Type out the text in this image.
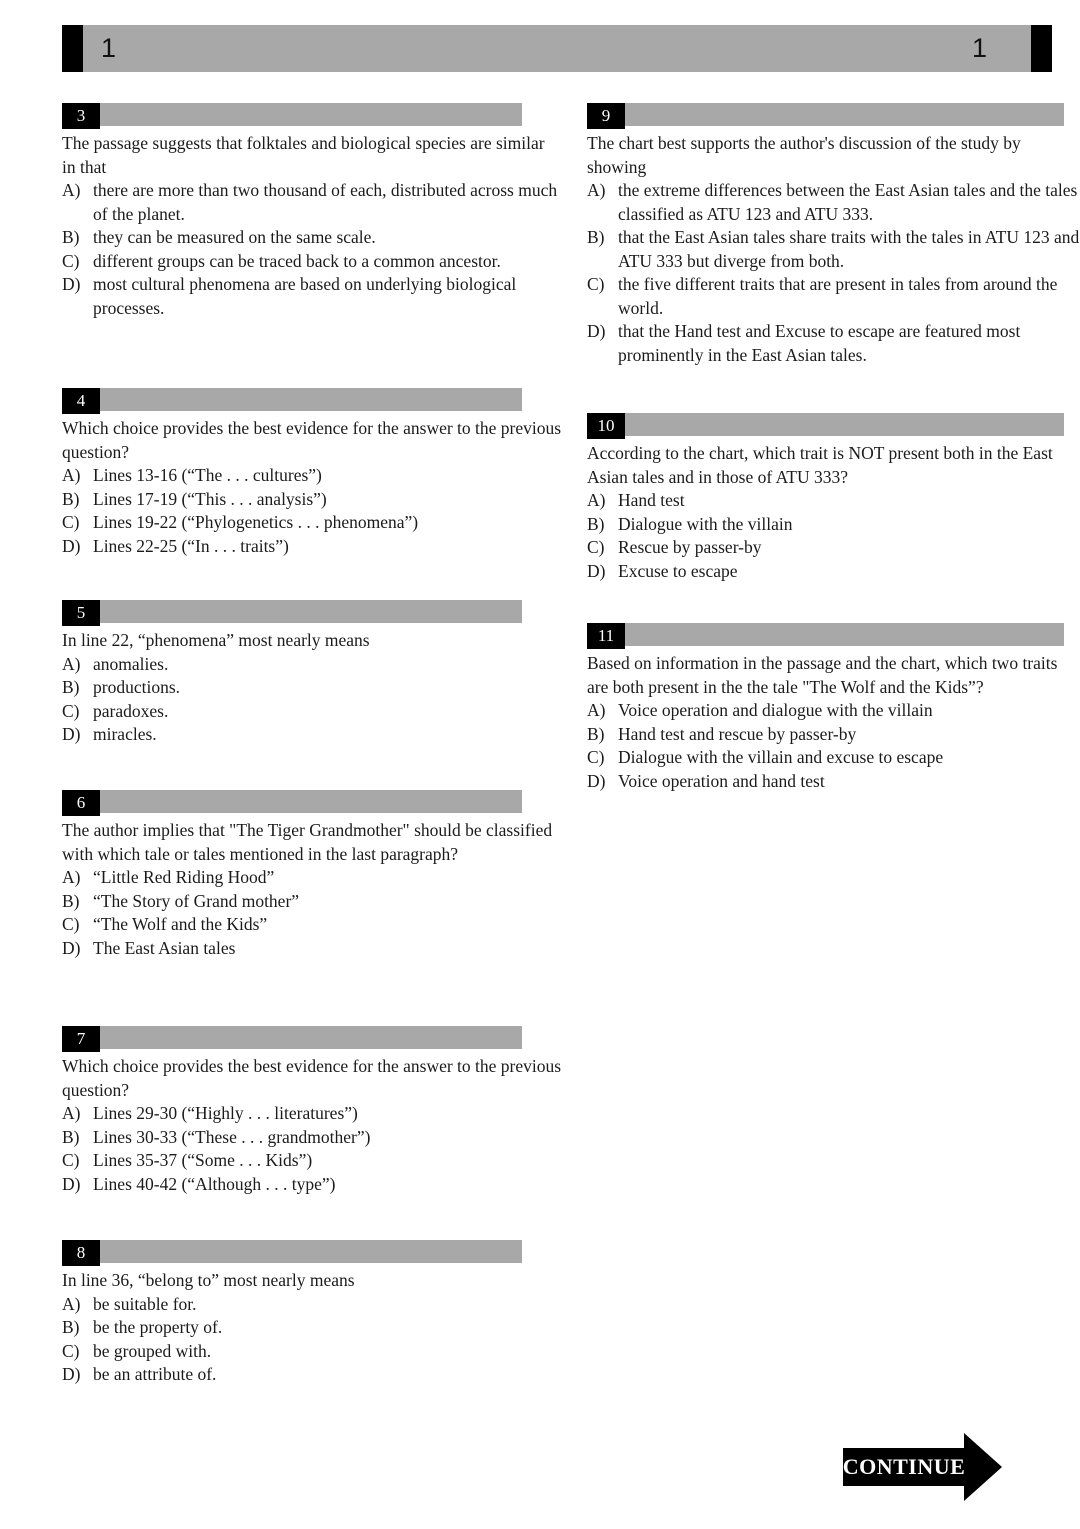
1	1
3
The passage suggests that folktales and biological species are similar in that
A) there are more than two thousand of each, distributed across much of the planet.
B) they can be measured on the same scale.
C) different groups can be traced back to a common ancestor.
D) most cultural phenomena are based on underlying biological processes.
4
Which choice provides the best evidence for the answer to the previous question?
A) Lines 13-16 (“The . . . cultures”)
B) Lines 17-19 (“This . . . analysis”)
C) Lines 19-22 (“Phylogenetics . . . phenomena”)
D) Lines 22-25 (“In . . . traits”)
5
In line 22, “phenomena” most nearly means
A) anomalies.
B) productions.
C) paradoxes.
D) miracles.
6
The author implies that "The Tiger Grandmother" should be classified with which tale or tales mentioned in the last paragraph?
A) “Little Red Riding Hood”
B) “The Story of Grand mother”
C) “The Wolf and the Kids”
D) The East Asian tales
7
Which choice provides the best evidence for the answer to the previous question?
A) Lines 29-30 (“Highly . . . literatures”)
B) Lines 30-33 (“These . . . grandmother”)
C) Lines 35-37 (“Some . . . Kids”)
D) Lines 40-42 (“Although . . . type”)
8
In line 36, “belong to” most nearly means
A) be suitable for.
B) be the property of.
C) be grouped with.
D) be an attribute of.
9
The chart best supports the author's discussion of the study by showing
A) the extreme differences between the East Asian tales and the tales classified as ATU 123 and ATU 333.
B) that the East Asian tales share traits with the tales in ATU 123 and ATU 333 but diverge from both.
C) the five different traits that are present in tales from around the world.
D) that the Hand test and Excuse to escape are featured most prominently in the East Asian tales.
10
According to the chart, which trait is NOT present both in the East Asian tales and in those of ATU 333?
A) Hand test
B) Dialogue with the villain
C) Rescue by passer-by
D) Excuse to escape
11
Based on information in the passage and the chart, which two traits are both present in the the tale "The Wolf and the Kids”?
A) Voice operation and dialogue with the villain
B) Hand test and rescue by passer-by
C) Dialogue with the villain and excuse to escape
D) Voice operation and hand test
CONTINUE
